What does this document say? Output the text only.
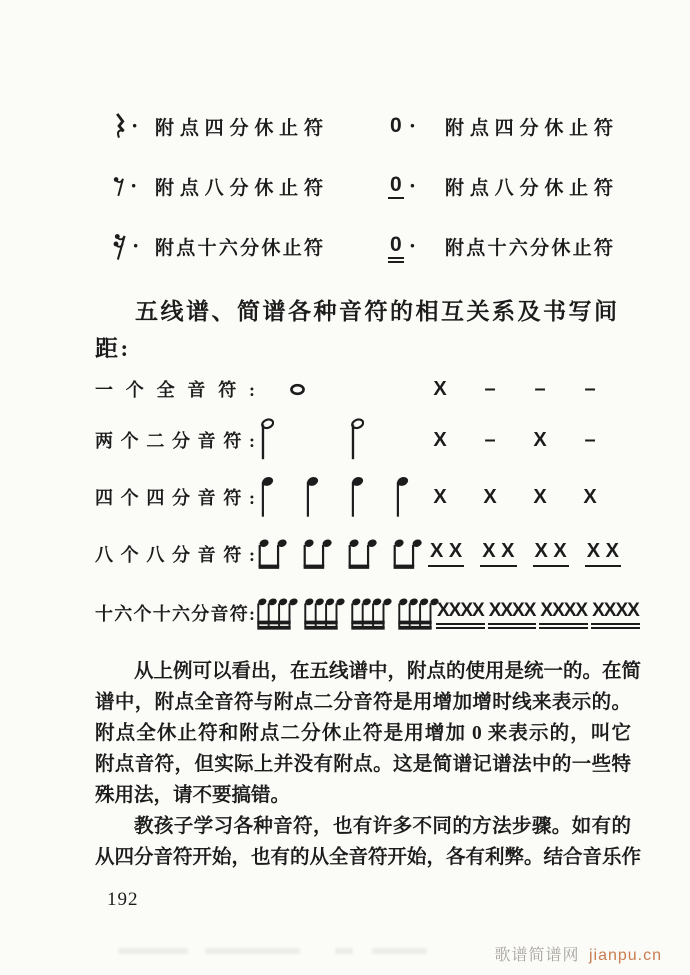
· 附点四分休止符	0 · 附点四分休止符
· 附点八分休止符	0 · 附点八分休止符
· 附点十六分休止符	0 · 附点十六分休止符
五线谱、简谱各种音符的相互关系及书写间
距:
一个全音符:	X – – –
两个二分音符:	X – X –
四个四分音符:	X X X X
八个八分音符:	X X X X X X X X
十六个十六分音符:	XXXX XXXX XXXX XXXX
从上例可以看出，在五线谱中，附点的使用是统一的。在简
谱中，附点全音符与附点二分音符是用增加增时线来表示的。
附点全休止符和附点二分休止符是用增加 0 来表示的，叫它
附点音符，但实际上并没有附点。这是简谱记谱法中的一些特
殊用法，请不要搞错。
教孩子学习各种音符，也有许多不同的方法步骤。如有的
从四分音符开始，也有的从全音符开始，各有利弊。结合音乐作
192
歌谱简谱网 jianpu.cn
